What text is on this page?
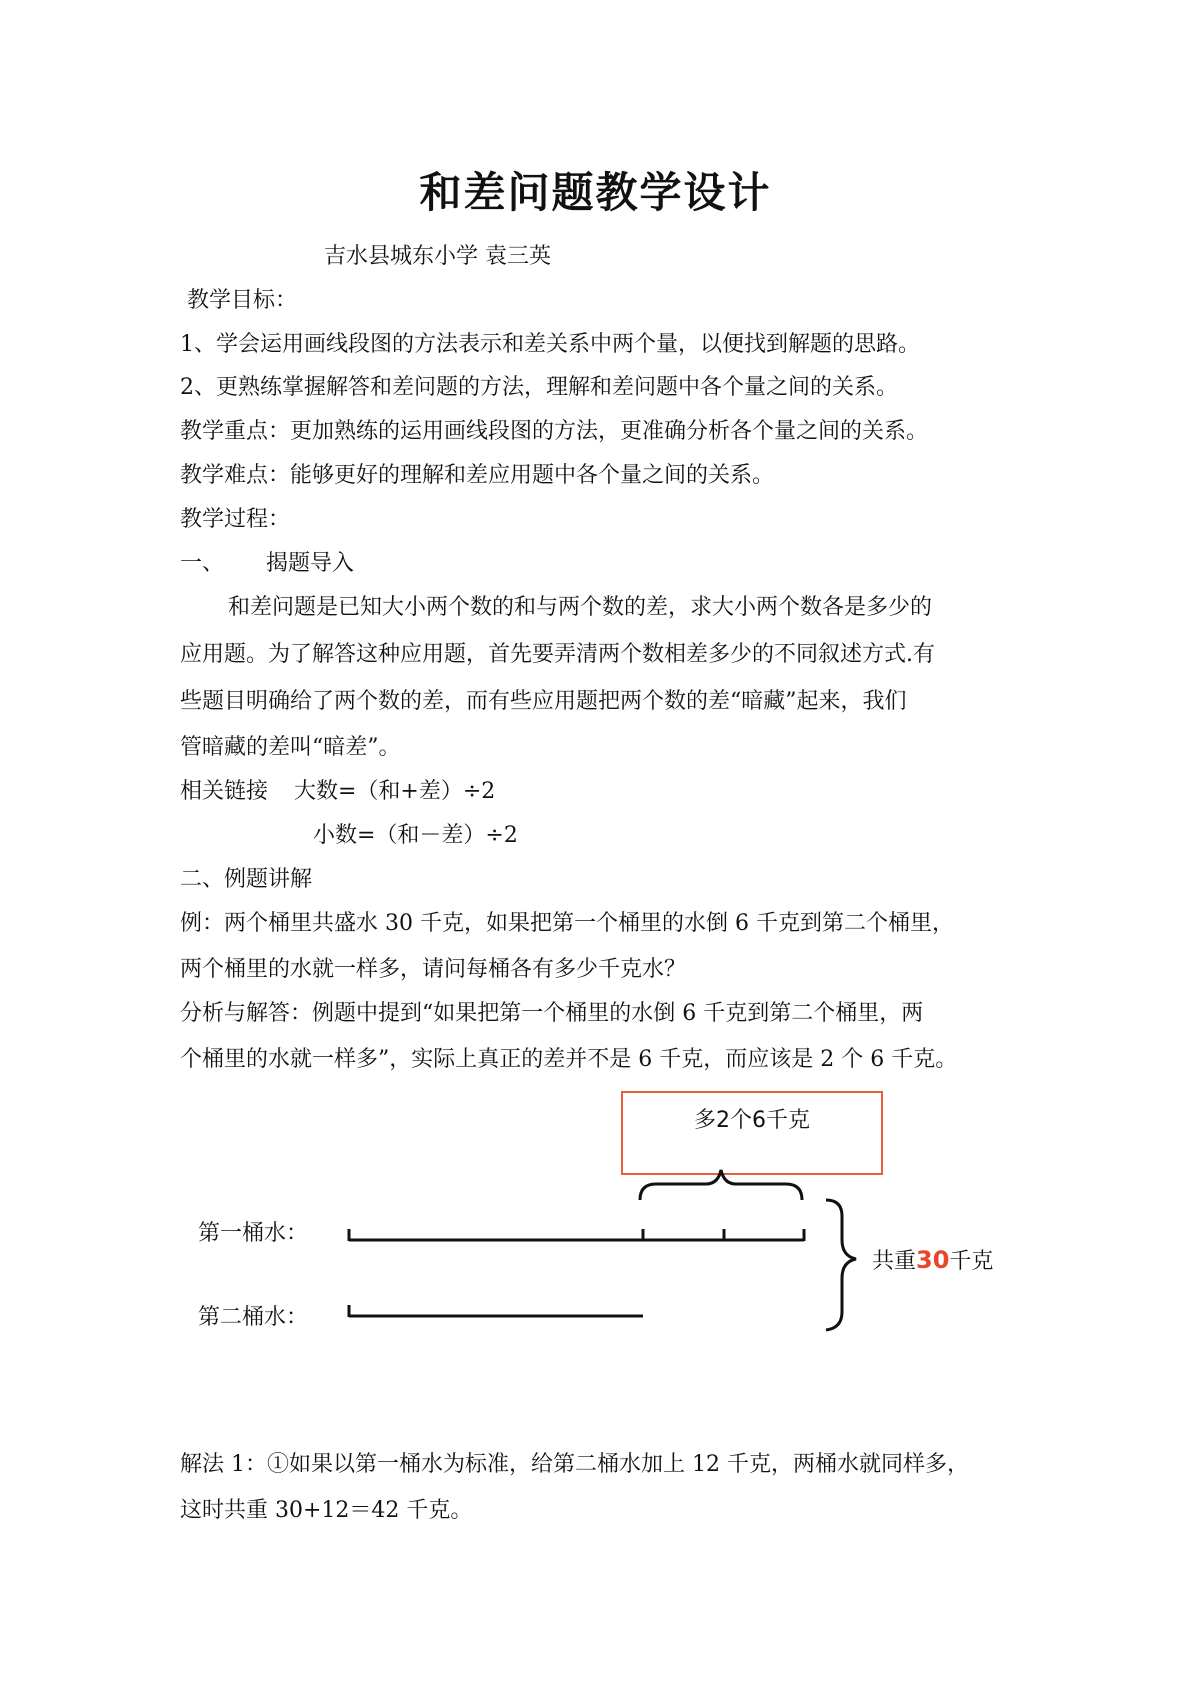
和差问题教学设计
吉水县城东小学 袁三英
教学目标：
1、学会运用画线段图的方法表示和差关系中两个量，以便找到解题的思路。
2、更熟练掌握解答和差问题的方法，理解和差问题中各个量之间的关系。
教学重点：更加熟练的运用画线段图的方法，更准确分析各个量之间的关系。
教学难点：能够更好的理解和差应用题中各个量之间的关系。
教学过程：
一、 揭题导入
和差问题是已知大小两个数的和与两个数的差，求大小两个数各是多少的
应用题。为了解答这种应用题，首先要弄清两个数相差多少的不同叙述方式.有
些题目明确给了两个数的差，而有些应用题把两个数的差“暗藏”起来，我们
管暗藏的差叫“暗差”。
相关链接 大数=（和+差）÷2
小数=（和－差）÷2
二、例题讲解
例：两个桶里共盛水 30 千克，如果把第一个桶里的水倒 6 千克到第二个桶里，
两个桶里的水就一样多，请问每桶各有多少千克水？
分析与解答：例题中提到“如果把第一个桶里的水倒 6 千克到第二个桶里，两
个桶里的水就一样多”，实际上真正的差并不是 6 千克，而应该是 2 个 6 千克。
多2个6千克
第一桶水：
第二桶水：
共重30千克
解法 1：①如果以第一桶水为标准，给第二桶水加上 12 千克，两桶水就同样多，
这时共重 30+12＝42 千克。
